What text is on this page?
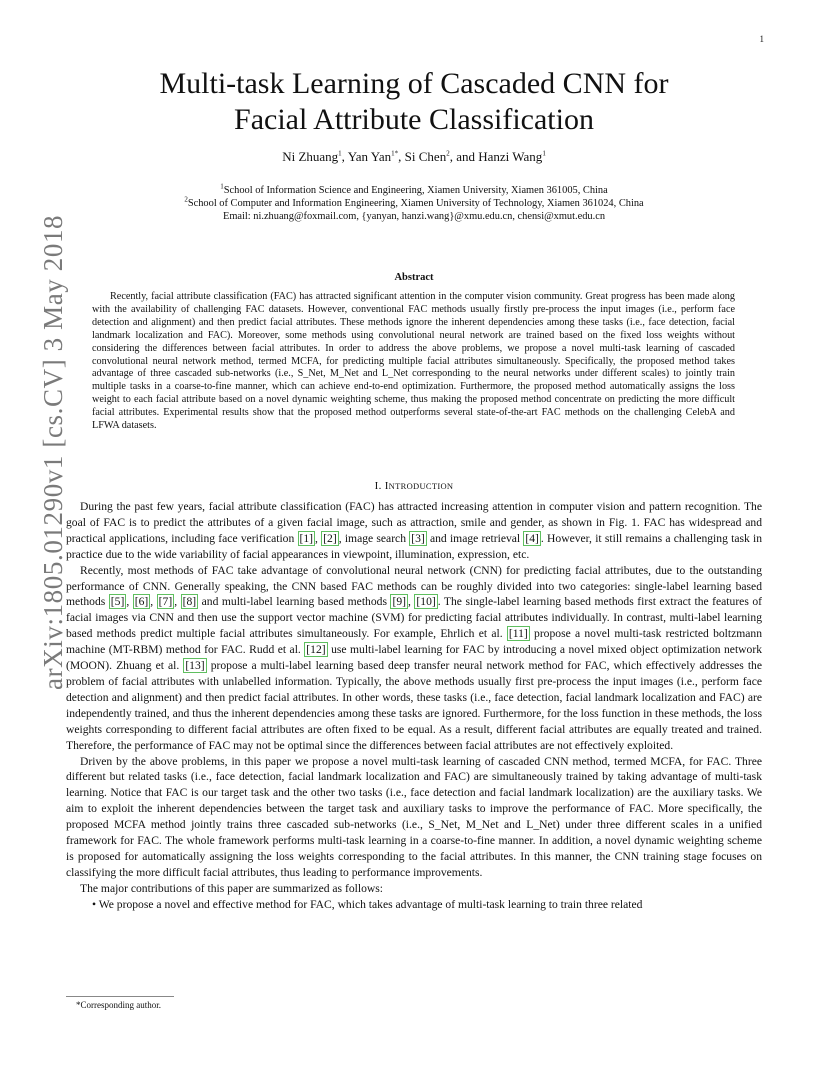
1
arXiv:1805.01290v1 [cs.CV] 3 May 2018
Multi-task Learning of Cascaded CNN for
Facial Attribute Classification
Ni Zhuang$^1$, Yan Yan$^{1*}$, Si Chen$^2$, and Hanzi Wang$^1$
$^1$School of Information Science and Engineering, Xiamen University, Xiamen 361005, China
$^2$School of Computer and Information Engineering, Xiamen University of Technology, Xiamen 361024, China
Email: ni.zhuang@foxmail.com, {yanyan, hanzi.wang}@xmu.edu.cn, chensi@xmut.edu.cn
Abstract

Recently, facial attribute classification (FAC) has attracted significant attention in the computer vision community. Great progress has been made along with the availability of challenging FAC datasets. However, conventional FAC methods usually firstly pre-process the input images (i.e., perform face detection and alignment) and then predict facial attributes. These methods ignore the inherent dependencies among these tasks (i.e., face detection, facial landmark localization and FAC). Moreover, some methods using convolutional neural network are trained based on the fixed loss weights without considering the differences between facial attributes. In order to address the above problems, we propose a novel multi-task learning of cascaded convolutional neural network method, termed MCFA, for predicting multiple facial attributes simultaneously. Specifically, the proposed method takes advantage of three cascaded sub-networks (i.e., S_Net, M_Net and L_Net corresponding to the neural networks under different scales) to jointly train multiple tasks in a coarse-to-fine manner, which can achieve end-to-end optimization. Furthermore, the proposed method automatically assigns the loss weight to each facial attribute based on a novel dynamic weighting scheme, thus making the proposed method concentrate on predicting the more difficult facial attributes. Experimental results show that the proposed method outperforms several state-of-the-art FAC methods on the challenging CelebA and LFWA datasets.

I. INTRODUCTION

During the past few years, facial attribute classification (FAC) has attracted increasing attention in computer vision and pattern recognition. The goal of FAC is to predict the attributes of a given facial image, such as attraction, smile and gender, as shown in Fig. 1. FAC has widespread and practical applications, including face verification [1] , [2] , image search [3] and image retrieval [4] . However, it still remains a challenging task in practice due to the wide variability of facial appearances in viewpoint, illumination, expression, etc.

Recently, most methods of FAC take advantage of convolutional neural network (CNN) for predicting facial attributes, due to the outstanding performance of CNN. Generally speaking, the CNN based FAC methods can be roughly divided into two categories: single-label learning based methods [5] , [6] , [7] , [8] and multi-label learning based methods [9] , [10] . The single-label learning based methods first extract the features of facial images via CNN and then use the support vector machine (SVM) for predicting facial attributes individually. In contrast, multi-label learning based methods predict multiple facial attributes simultaneously. For example, Ehrlich et al. [11] propose a novel multi-task restricted boltzmann machine (MT-RBM) method for FAC. Rudd et al. [12] use multi-label learning for FAC by introducing a novel mixed object optimization network (MOON). Zhuang et al. [13] propose a multi-label learning based deep transfer neural network method for FAC, which effectively addresses the problem of facial attributes with unlabelled information. Typically, the above methods usually first pre-process the input images (i.e., perform face detection and alignment) and then predict facial attributes. In other words, these tasks (i.e., face detection, facial landmark localization and FAC) are independently trained, and thus the inherent dependencies among these tasks are ignored. Furthermore, for the loss function in these methods, the loss weights corresponding to different facial attributes are often fixed to be equal. As a result, different facial attributes are equally treated and trained. Therefore, the performance of FAC may not be optimal since the differences between facial attributes are not effectively exploited.

Driven by the above problems, in this paper we propose a novel multi-task learning of cascaded CNN method, termed MCFA, for FAC. Three different but related tasks (i.e., face detection, facial landmark localization and FAC) are simultaneously trained by taking advantage of multi-task learning. Notice that FAC is our target task and the other two tasks (i.e., face detection and facial landmark localization) are the auxiliary tasks. We aim to exploit the inherent dependencies between the target task and auxiliary tasks to improve the performance of FAC. More specifically, the proposed MCFA method jointly trains three cascaded sub-networks (i.e., S_Net, M_Net and L_Net) under three different scales in a unified framework for FAC. The whole framework performs multi-task learning in a coarse-to-fine manner. In addition, a novel dynamic weighting scheme is proposed for automatically assigning the loss weights corresponding to the facial attributes. In this manner, the CNN training stage focuses on classifying the more difficult facial attributes, thus leading to performance improvements.

The major contributions of this paper are summarized as follows:

• We propose a novel and effective method for FAC, which takes advantage of multi-task learning to train three related

*Corresponding author.
